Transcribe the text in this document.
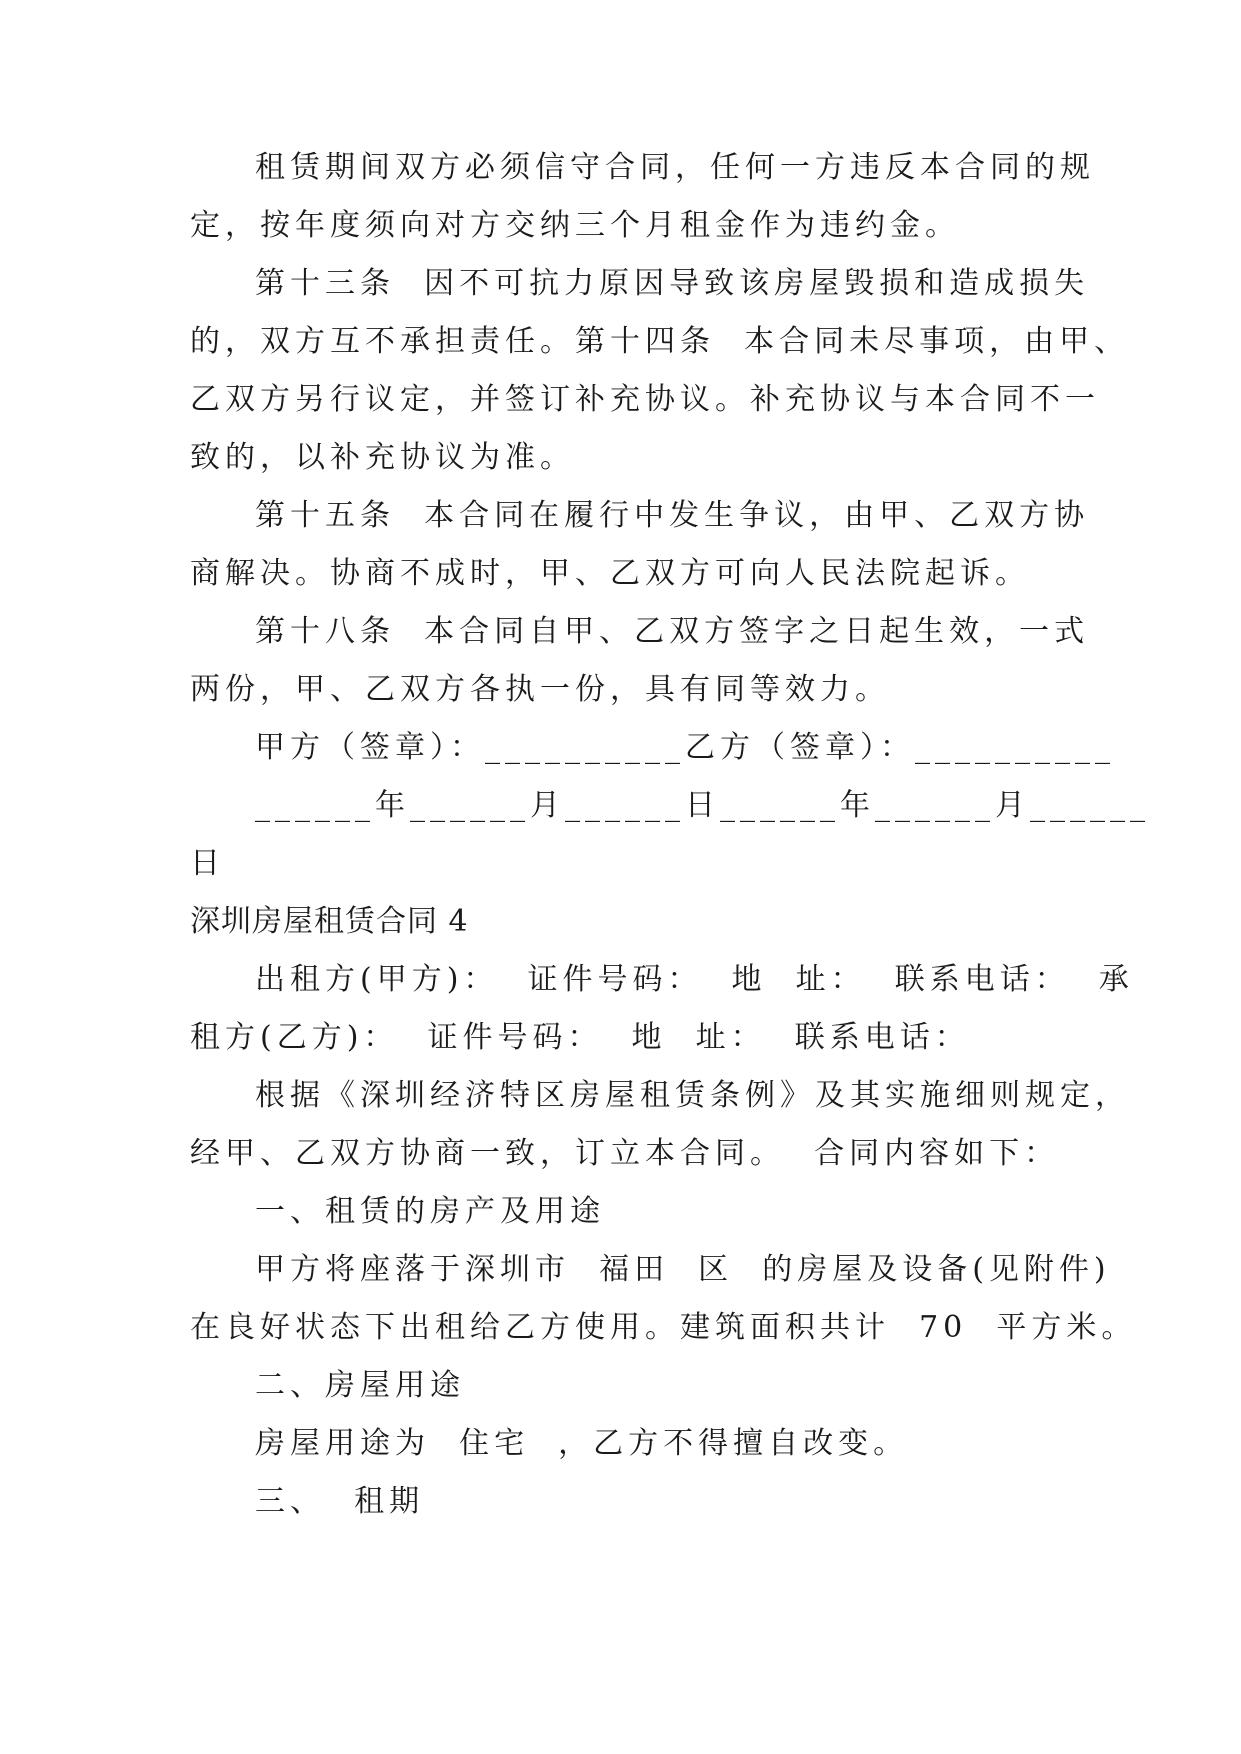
租赁期间双方必须信守合同，任何一方违反本合同的规
定，按年度须向对方交纳三个月租金作为违约金。
第十三条  因不可抗力原因导致该房屋毁损和造成损失
的，双方互不承担责任。第十四条  本合同未尽事项，由甲、
乙双方另行议定，并签订补充协议。补充协议与本合同不一
致的，以补充协议为准。
第十五条  本合同在履行中发生争议，由甲、乙双方协
商解决。协商不成时，甲、乙双方可向人民法院起诉。
第十八条  本合同自甲、乙双方签字之日起生效，一式
两份，甲、乙双方各执一份，具有同等效力。
甲方（签章）：__________乙方（签章）：__________
______年______月______日______年______月______
日
深圳房屋租赁合同 4
出租方(甲方)：  证件号码：  地  址：  联系电话：  承
租方(乙方)：  证件号码：  地  址：  联系电话：
根据《深圳经济特区房屋租赁条例》及其实施细则规定，
经甲、乙双方协商一致，订立本合同。  合同内容如下：
一、租赁的房产及用途
甲方将座落于深圳市  福田  区  的房屋及设备(见附件)
在良好状态下出租给乙方使用。建筑面积共计  70  平方米。
二、房屋用途
房屋用途为  住宅  ，乙方不得擅自改变。
三、  租期
